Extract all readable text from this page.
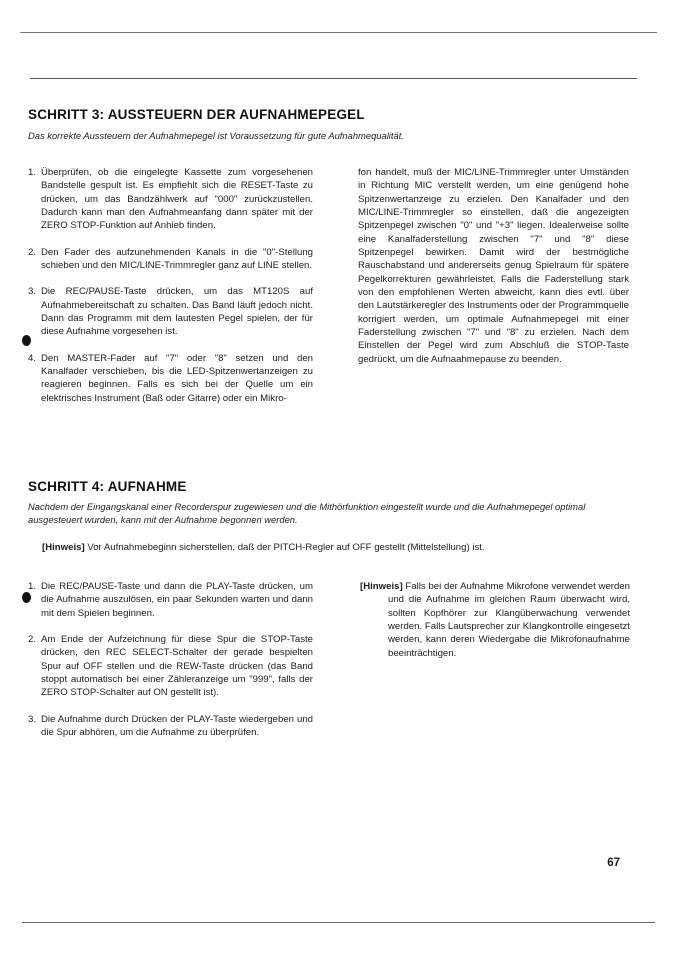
SCHRITT 3: AUSSTEUERN DER AUFNAHMEPEGEL

Das korrekte Aussteuern der Aufnahmepegel ist Voraussetzung für gute Aufnahmequalität.

1. Überprüfen, ob die eingelegte Kassette zum vorgesehenen Bandstelle gespult ist. Es empfiehlt sich die RESET-Taste zu drücken, um das Bandzählwerk auf "000" zurückzustellen. Dadurch kann man den Aufnahmeanfang dann später mit der ZERO STOP-Funktion auf Anhieb finden.

2. Den Fader des aufzunehmenden Kanals in die "0"-Stellung schieben und den MIC/LINE-Trimmregler ganz auf LINE stellen.

3. Die REC/PAUSE-Taste drücken, um das MT120S auf Aufnahmebereitschaft zu schalten. Das Band läuft jedoch nicht. Dann das Programm mit dem lautesten Pegel spielen, der für diese Aufnahme vorgesehen ist.

4. Den MASTER-Fader auf "7" oder "8" setzen und den Kanalfader verschieben, bis die LED-Spitzenwertanzeigen zu reagieren beginnen. Falls es sich bei der Quelle um ein elektrisches Instrument (Baß oder Gitarre) oder ein Mikro-

fon handelt, muß der MIC/LINE-Trimmregler unter Umständen in Richtung MIC verstellt werden, um eine genügend hohe Spitzenwertanzeige zu erzielen. Den Kanalfader und den MIC/LINE-Trimmregler so einstellen, daß die angezeigten Spitzenpegel zwischen "0" und "+3" liegen. Idealerweise sollte eine Kanalfaderstellung zwischen "7" und "8" diese Spitzenpegel bewirken. Damit wird der bestmögliche Rauschabstand und andererseits genug Spielraum für spätere Pegelkorrekturen gewährleistet. Falls die Faderstellung stark von den empfohlenen Werten abweicht, kann dies evtl. über den Lautstärkeregler des Instruments oder der Programmquelle korrigiert werden, um optimale Aufnahmepegel mit einer Faderstellung zwischen "7" und "8" zu erzielen. Nach dem Einstellen der Pegel wird zum Abschluß die STOP-Taste gedrückt, um die Aufnaahmepause zu beenden.

SCHRITT 4: AUFNAHME

Nachdem der Eingangskanal einer Recorderspur zugewiesen und die Mithörfunktion eingestellt wurde und die Aufnahmepegel optimal ausgesteuert wurden, kann mit der Aufnahme begonnen werden.

[Hinweis] Vor Aufnahmebeginn sicherstellen, daß der PITCH-Regler auf OFF gestellt (Mittelstellung) ist.

1. Die REC/PAUSE-Taste und dann die PLAY-Taste drücken, um die Aufnahme auszulösen, ein paar Sekunden warten und dann mit dem Spielen beginnen.

2. Am Ende der Aufzeichnung für diese Spur die STOP-Taste drücken, den REC SELECT-Schalter der gerade bespielten Spur auf OFF stellen und die REW-Taste drücken (das Band stoppt automatisch bei einer Zähleranzeige um "999", falls der ZERO STOP-Schalter auf ON gestellt ist).

3. Die Aufnahme durch Drücken der PLAY-Taste wiedergeben und die Spur abhören, um die Aufnahme zu überprüfen.

[Hinweis] Falls bei der Aufnahme Mikrofone verwendet werden und die Aufnahme im gleichen Raum überwacht wird, sollten Kopfhörer zur Klangüberwachung verwendet werden. Falls Lautsprecher zur Klangkontrolle eingesetzt werden, kann deren Wiedergabe die Mikrofonaufnahme beeinträchtigen.

67
